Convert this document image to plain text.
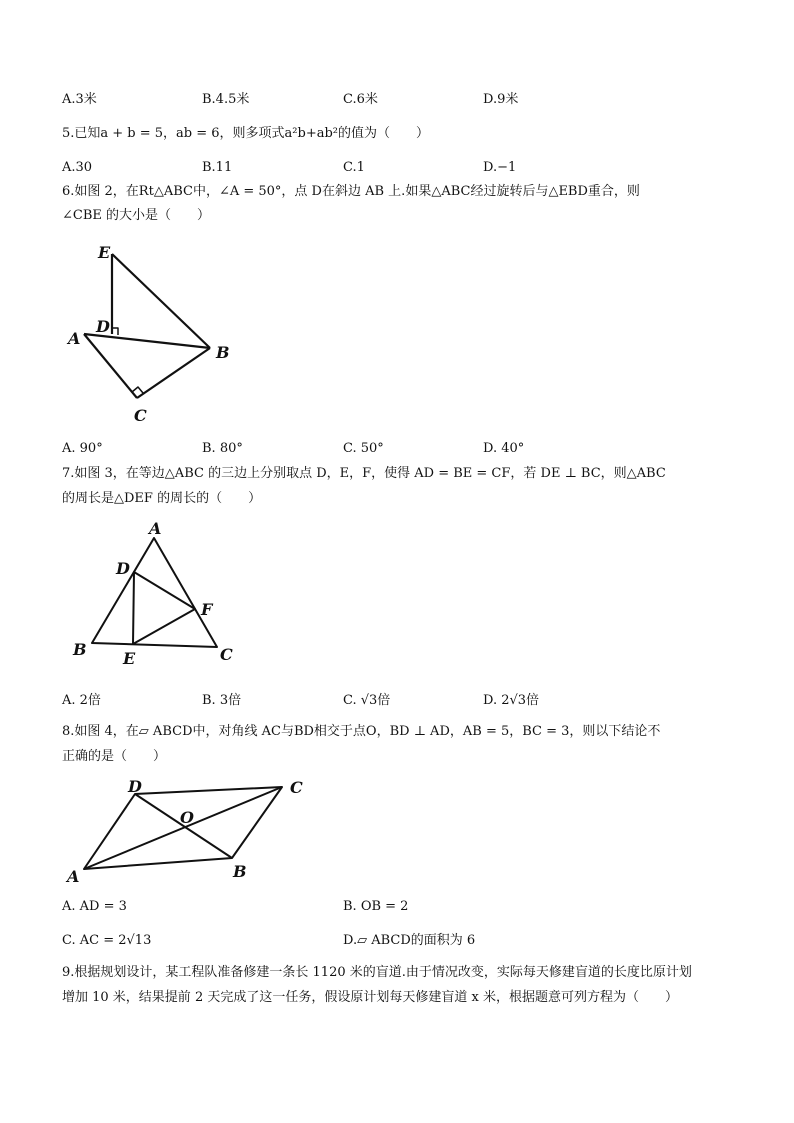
A.3米	B.4.5米	C.6米	D.9米
5.已知a + b = 5，ab = 6，则多项式a²b+ab²的值为（　　）
A.30	B.11	C.1	D.−1
6.如图 2，在Rt△ABC中，∠A = 50°，点 D在斜边 AB 上.如果△ABC经过旋转后与△EBD重合，则
∠CBE 的大小是（　　）
E
D
A
B
C
A. 90°	B. 80°	C. 50°	D. 40°
7.如图 3，在等边△ABC 的三边上分别取点 D，E，F，使得 AD = BE = CF，若 DE ⊥ BC，则△ABC
的周长是△DEF 的周长的（　　）
A
D
F
B E	C
A. 2倍	B. 3倍	C. √3倍	D. 2√3倍
8.如图 4，在▱ ABCD中，对角线 AC与BD相交于点O，BD ⊥ AD，AB = 5，BC = 3，则以下结论不
正确的是（　　）
D	C
O
A	B
A. AD = 3	B. OB = 2
C. AC = 2√13	D.▱ ABCD的面积为 6
9.根据规划设计，某工程队准备修建一条长 1120 米的盲道.由于情况改变，实际每天修建盲道的长度比原计划
增加 10 米，结果提前 2 天完成了这一任务，假设原计划每天修建盲道 x 米，根据题意可列方程为（　　）
